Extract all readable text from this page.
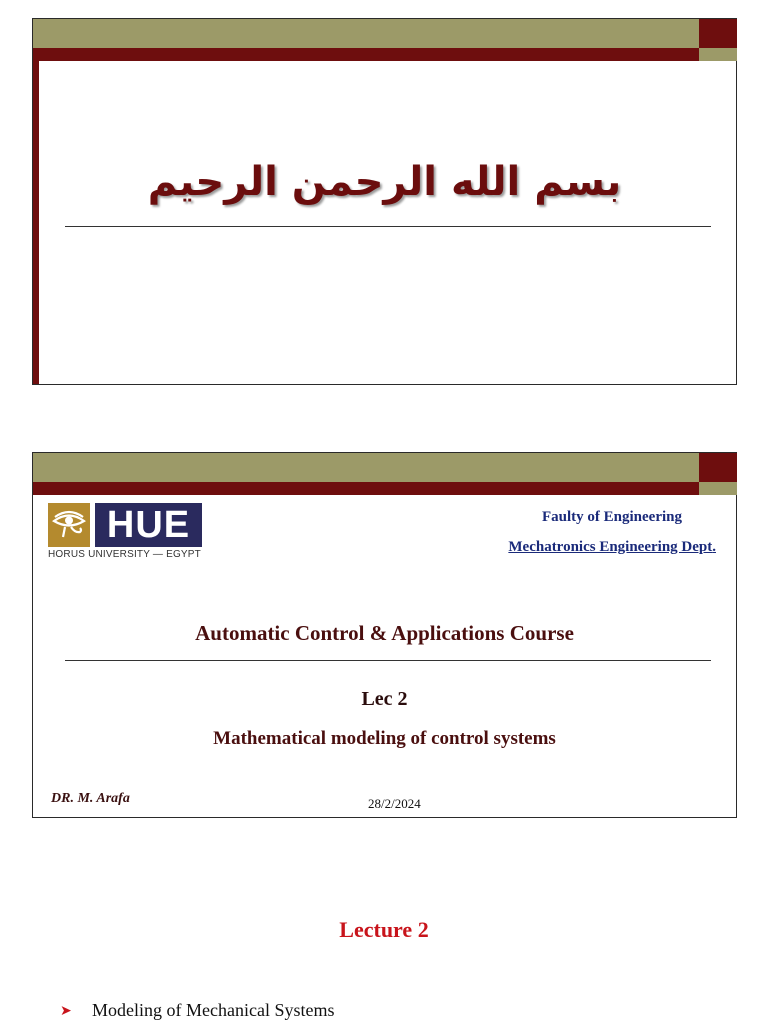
بسم الله الرحمن الرحيم
HUE
HORUS UNIVERSITY — EGYPT
Faulty of Engineering
Mechatronics Engineering Dept.
Automatic Control & Applications Course
Lec 2
Mathematical modeling of control systems
DR. M. Arafa	28/2/2024
Lecture 2
➤	Modeling of Mechanical Systems
